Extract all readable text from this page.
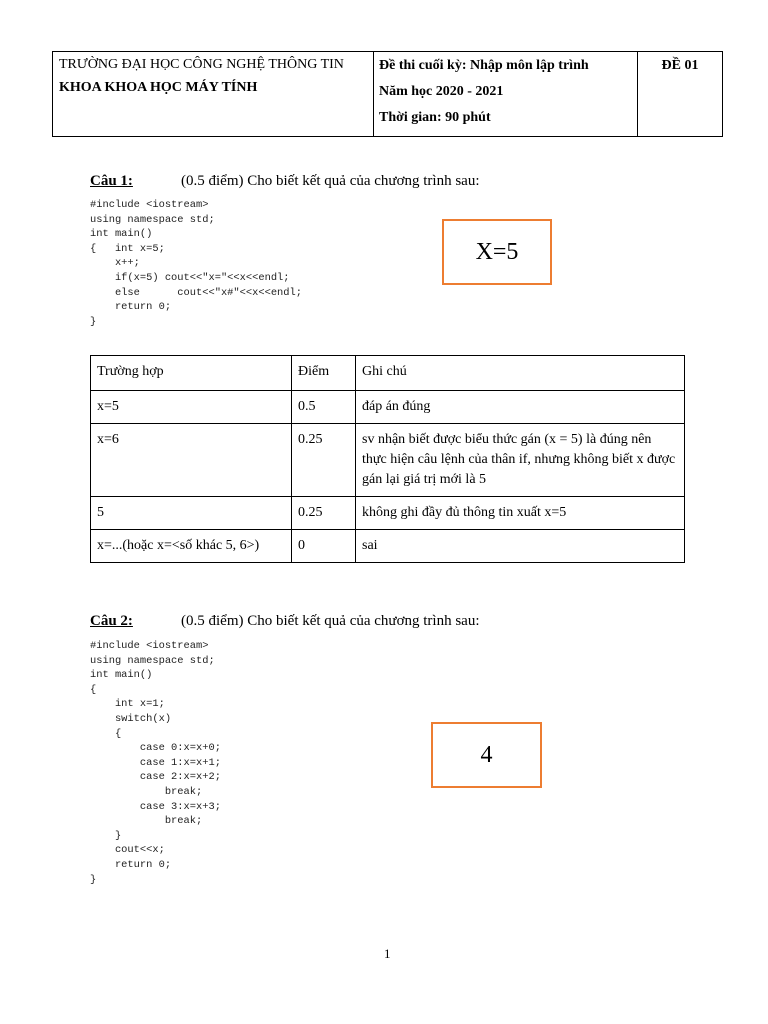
TRƯỜNG ĐẠI HỌC CÔNG NGHỆ THÔNG TIN
KHOA KHOA HỌC MÁY TÍNH

Đề thi cuối kỳ: Nhập môn lập trình
Năm học 2020 - 2021
Thời gian: 90 phút

ĐỀ 01
Câu 1:	(0.5 điểm) Cho biết kết quả của chương trình sau:
#include <iostream>
using namespace std;
int main()
{   int x=5;
x++;
if(x=5) cout<<"x="<<x<<endl;
else      cout<<"x#"<<x<<endl;
return 0;
}
X=5
Trường hợp	Điểm	Ghi chú
x=5	0.5	đáp án đúng
x=6	0.25	sv nhận biết được biểu thức gán (x = 5) là đúng nên thực hiện câu lệnh của thân if, nhưng không biết x được gán lại giá trị mới là 5
5	0.25	không ghi đầy đủ thông tin xuất x=5
x=...(hoặc x=<số khác 5, 6>)	0	sai
Câu 2:	(0.5 điểm) Cho biết kết quả của chương trình sau:
#include <iostream>
using namespace std;
int main()
{
int x=1;
switch(x)
{
case 0:x=x+0;
case 1:x=x+1;
case 2:x=x+2;
break;
case 3:x=x+3;
break;
}
cout<<x;
return 0;
}
4
1
